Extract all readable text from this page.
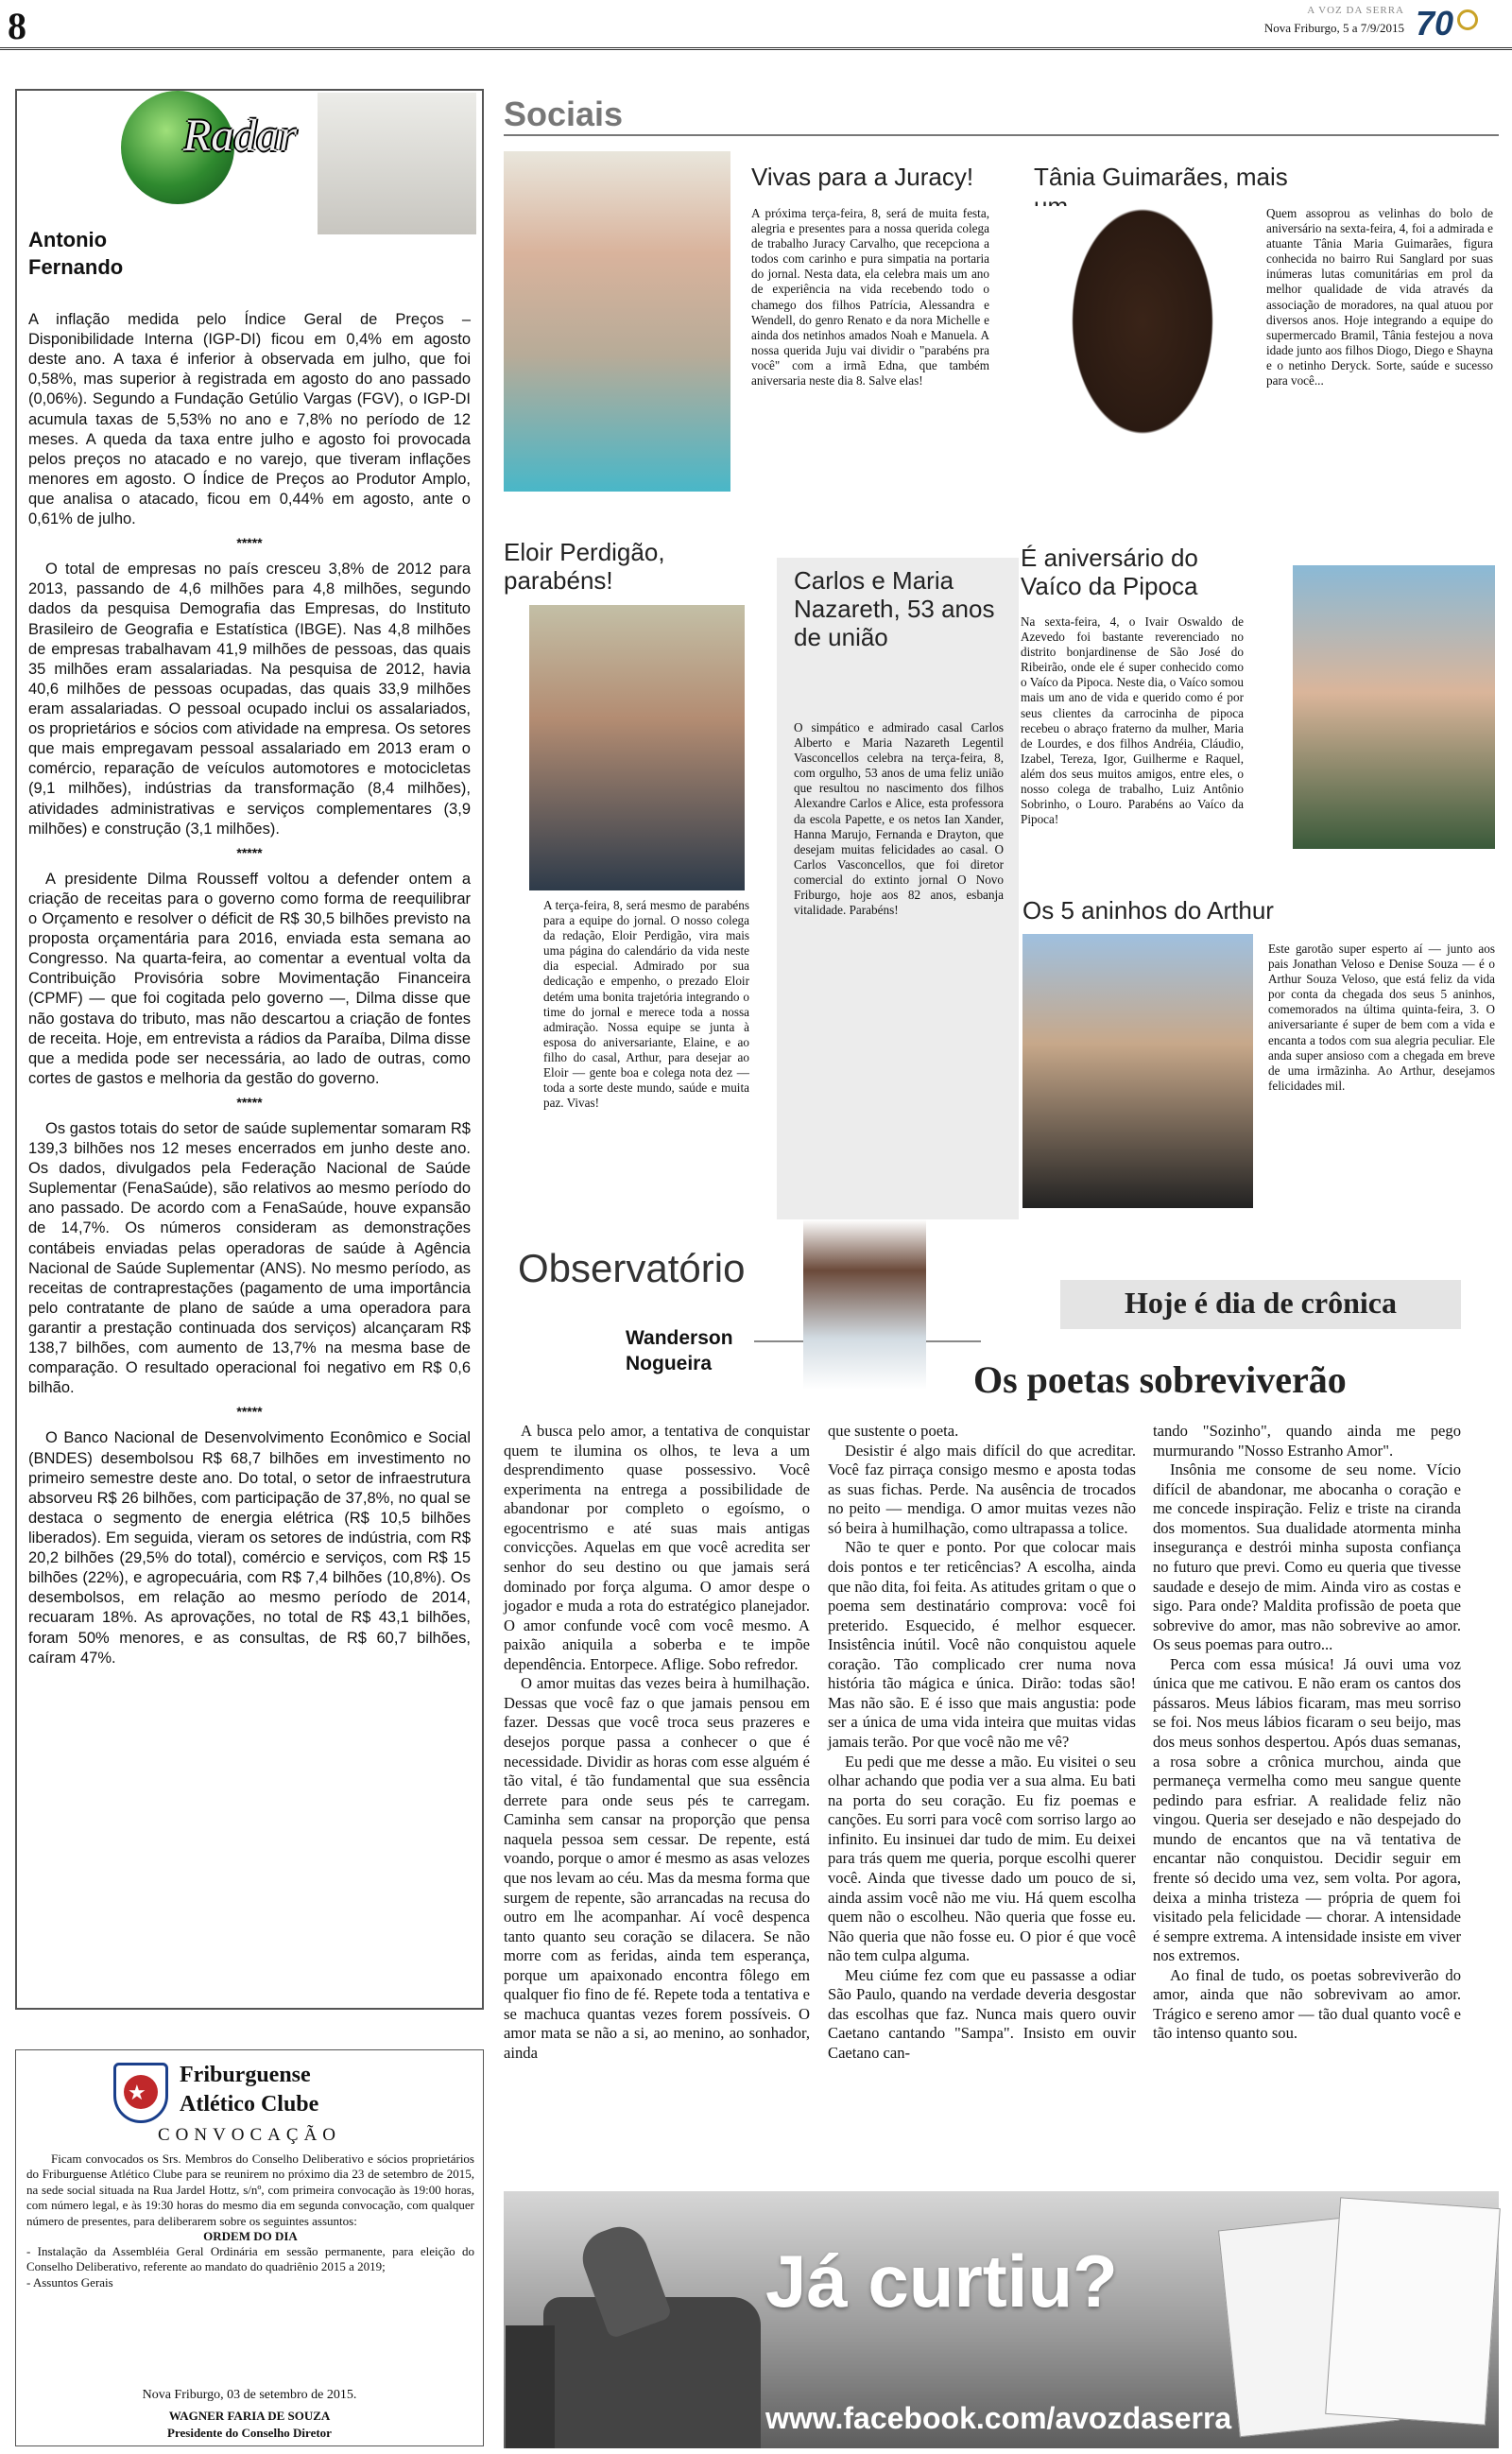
8	A VOZ DA SERRA
Nova Friburgo, 5 a 7/9/2015 70
Radar
Antonio
Fernando

A inflação medida pelo Índice Geral de Preços – Disponibilidade Interna (IGP-DI) ficou em 0,4% em agosto deste ano. A taxa é inferior à observada em julho, que foi 0,58%, mas superior à registrada em agosto do ano passado (0,06%). Segundo a Fundação Getúlio Vargas (FGV), o IGP-DI acumula taxas de 5,53% no ano e 7,8% no período de 12 meses. A queda da taxa entre julho e agosto foi provocada pelos preços no atacado e no varejo, que tiveram inflações menores em agosto. O Índice de Preços ao Produtor Amplo, que analisa o atacado, ficou em 0,44% em agosto, ante o 0,61% de julho.

*****

O total de empresas no país cresceu 3,8% de 2012 para 2013, passando de 4,6 milhões para 4,8 milhões, segundo dados da pesquisa Demografia das Empresas, do Instituto Brasileiro de Geografia e Estatística (IBGE). Nas 4,8 milhões de empresas trabalhavam 41,9 milhões de pessoas, das quais 35 milhões eram assalariadas. Na pesquisa de 2012, havia 40,6 milhões de pessoas ocupadas, das quais 33,9 milhões eram assalariadas. O pessoal ocupado inclui os assalariados, os proprietários e sócios com atividade na empresa. Os setores que mais empregavam pessoal assalariado em 2013 eram o comércio, reparação de veículos automotores e motocicletas (9,1 milhões), indústrias da transformação (8,4 milhões), atividades administrativas e serviços complementares (3,9 milhões) e construção (3,1 milhões).

*****

A presidente Dilma Rousseff voltou a defender ontem a criação de receitas para o governo como forma de reequilibrar o Orçamento e resolver o déficit de R$ 30,5 bilhões previsto na proposta orçamentária para 2016, enviada esta semana ao Congresso. Na quarta-feira, ao comentar a eventual volta da Contribuição Provisória sobre Movimentação Financeira (CPMF) — que foi cogitada pelo governo —, Dilma disse que não gostava do tributo, mas não descartou a criação de fontes de receita. Hoje, em entrevista a rádios da Paraíba, Dilma disse que a medida pode ser necessária, ao lado de outras, como cortes de gastos e melhoria da gestão do governo.

*****

Os gastos totais do setor de saúde suplementar somaram R$ 139,3 bilhões nos 12 meses encerrados em junho deste ano. Os dados, divulgados pela Federação Nacional de Saúde Suplementar (FenaSaúde), são relativos ao mesmo período do ano passado. De acordo com a FenaSaúde, houve expansão de 14,7%. Os números consideram as demonstrações contábeis enviadas pelas operadoras de saúde à Agência Nacional de Saúde Suplementar (ANS). No mesmo período, as receitas de contraprestações (pagamento de uma importância pelo contratante de plano de saúde a uma operadora para garantir a prestação continuada dos serviços) alcançaram R$ 138,7 bilhões, com aumento de 13,7% na mesma base de comparação. O resultado operacional foi negativo em R$ 0,6 bilhão.

*****

O Banco Nacional de Desenvolvimento Econômico e Social (BNDES) desembolsou R$ 68,7 bilhões em investimento no primeiro semestre deste ano. Do total, o setor de infraestrutura absorveu R$ 26 bilhões, com participação de 37,8%, no qual se destaca o segmento de energia elétrica (R$ 10,5 bilhões liberados). Em seguida, vieram os setores de indústria, com R$ 20,2 bilhões (29,5% do total), comércio e serviços, com R$ 15 bilhões (22%), e agropecuária, com R$ 7,4 bilhões (10,8%). Os desembolsos, em relação ao mesmo período de 2014, recuaram 18%. As aprovações, no total de R$ 43,1 bilhões, foram 50% menores, e as consultas, de R$ 60,7 bilhões, caíram 47%.

★
Friburguense
Atlético Clube
CONVOCAÇÃO

Ficam convocados os Srs. Membros do Conselho Deliberativo e sócios proprietários do Friburguense Atlético Clube para se reunirem no próximo dia 23 de setembro de 2015, na sede social situada na Rua Jardel Hottz, s/nº, com primeira convocação às 19:00 horas, com número legal, e às 19:30 horas do mesmo dia em segunda convocação, com qualquer número de presentes, para deliberarem sobre os seguintes assuntos:

ORDEM DO DIA

- Instalação da Assembléia Geral Ordinária em sessão permanente, para eleição do Conselho Deliberativo, referente ao mandato do quadriênio 2015 a 2019;

- Assuntos Gerais

Nova Friburgo, 03 de setembro de 2015.
WAGNER FARIA DE SOUZA
Presidente do Conselho Diretor
Sociais
Vivas para a Juracy!

A próxima terça-feira, 8, será de muita festa, alegria e presentes para a nossa querida colega de trabalho Juracy Carvalho, que recepciona a todos com carinho e pura simpatia na portaria do jornal. Nesta data, ela celebra mais um ano de experiência na vida recebendo todo o chamego dos filhos Patrícia, Alessandra e Wendell, do genro Renato e da nora Michelle e ainda dos netinhos amados Noah e Manuela. A nossa querida Juju vai dividir o "parabéns pra você" com a irmã Edna, que também aniversaria neste dia 8. Salve elas!

Tânia Guimarães, mais

Quem assoprou as velinhas do bolo de aniversário na sexta-feira, 4, foi a admirada e atuante Tânia Maria Guimarães, figura conhecida no bairro Rui Sanglard por suas inúmeras lutas comunitárias em prol da melhor qualidade de vida através da associação de moradores, na qual atuou por diversos anos. Hoje integrando a equipe do supermercado Bramil, Tânia festejou a nova idade junto aos filhos Diogo, Diego e Shayna e o netinho Deryck. Sorte, saúde e sucesso para você...

Eloir Perdigão, parabéns!

A terça-feira, 8, será mesmo de parabéns para a equipe do jornal. O nosso colega da redação, Eloir Perdigão, vira mais uma página do calendário da vida neste dia especial. Admirado por sua dedicação e empenho, o prezado Eloir detém uma bonita trajetória integrando o time do jornal e merece toda a nossa admiração. Nossa equipe se junta à esposa do aniversariante, Elaine, e ao filho do casal, Arthur, para desejar ao Eloir — gente boa e colega nota dez — toda a sorte deste mundo, saúde e muita paz. Vivas!

Carlos e Maria Nazareth, 53 anos de união

O simpático e admirado casal Carlos Alberto e Maria Nazareth Legentil Vasconcellos celebra na terça-feira, 8, com orgulho, 53 anos de uma feliz união que resultou no nascimento dos filhos Alexandre Carlos e Alice, esta professora da escola Papette, e os netos Ian Xander, Hanna Marujo, Fernanda e Drayton, que desejam muitas felicidades ao casal. O Carlos Vasconcellos, que foi diretor comercial do extinto jornal O Novo Friburgo, hoje aos 82 anos, esbanja vitalidade. Parabéns!

É aniversário do Vaíco da Pipoca

Na sexta-feira, 4, o Ivair Oswaldo de Azevedo foi bastante reverenciado no distrito bonjardinense de São José do Ribeirão, onde ele é super conhecido como o Vaíco da Pipoca. Neste dia, o Vaíco somou mais um ano de vida e querido como é por seus clientes da carrocinha de pipoca recebeu o abraço fraterno da mulher, Maria de Lourdes, e dos filhos Andréia, Cláudio, Izabel, Tereza, Igor, Guilherme e Raquel, além dos seus muitos amigos, entre eles, o nosso colega de trabalho, Luiz Antônio Sobrinho, o Louro. Parabéns ao Vaíco da Pipoca!

Os 5 aninhos do Arthur

Este garotão super esperto aí — junto aos pais Jonathan Veloso e Denise Souza — é o Arthur Souza Veloso, que está feliz da vida por conta da chegada dos seus 5 aninhos, comemorados na última quinta-feira, 3. O aniversariante é super de bem com a vida e encanta a todos com sua alegria peculiar. Ele anda super ansioso com a chegada em breve de uma irmãzinha. Ao Arthur, desejamos felicidades mil.

Observatório
Wanderson
Nogueira
Hoje é dia de crônica
Os poetas sobreviverão

A busca pelo amor, a tentativa de conquistar quem te ilumina os olhos, te leva a um desprendimento quase possessivo. Você experimenta na entrega a possibilidade de abandonar por completo o egoísmo, o egocentrismo e até suas mais antigas convicções. Aquelas em que você acredita ser senhor do seu destino ou que jamais será dominado por força alguma. O amor despe o jogador e muda a rota do estratégico planejador. O amor confunde você com você mesmo. A paixão aniquila a soberba e te impõe dependência. Entorpece. Aflige. Sobo refredor.

O amor muitas das vezes beira à humilhação. Dessas que você faz o que jamais pensou em fazer. Dessas que você troca seus prazeres e desejos porque passa a conhecer o que é necessidade. Dividir as horas com esse alguém é tão vital, é tão fundamental que sua essência derrete para onde seus pés te carregam. Caminha sem cansar na proporção que pensa naquela pessoa sem cessar. De repente, está voando, porque o amor é mesmo as asas velozes que nos levam ao céu. Mas da mesma forma que surgem de repente, são arrancadas na recusa do outro em lhe acompanhar. Aí você despenca tanto quanto seu coração se dilacera. Se não morre com as feridas, ainda tem esperança, porque um apaixonado encontra fôlego em qualquer fio fino de fé. Repete toda a tentativa e se machuca quantas vezes forem possíveis. O amor mata se não a si, ao menino, ao sonhador, ainda

que sustente o poeta.

Desistir é algo mais difícil do que acreditar. Você faz pirraça consigo mesmo e aposta todas as suas fichas. Perde. Na ausência de trocados no peito — mendiga. O amor muitas vezes não só beira à humilhação, como ultrapassa a tolice.

Não te quer e ponto. Por que colocar mais dois pontos e ter reticências? A escolha, ainda que não dita, foi feita. As atitudes gritam o que o poema sem destinatário comprova: você foi preterido. Esquecido, é melhor esquecer. Insistência inútil. Você não conquistou aquele coração. Tão complicado crer numa nova história tão mágica e única. Dirão: todas são! Mas não são. E é isso que mais angustia: pode ser a única de uma vida inteira que muitas vidas jamais terão. Por que você não me vê?

Eu pedi que me desse a mão. Eu visitei o seu olhar achando que podia ver a sua alma. Eu bati na porta do seu coração. Eu fiz poemas e canções. Eu sorri para você com sorriso largo ao infinito. Eu insinuei dar tudo de mim. Eu deixei para trás quem me queria, porque escolhi querer você. Ainda que tivesse dado um pouco de si, ainda assim você não me viu. Há quem escolha quem não o escolheu. Não queria que fosse eu. Não queria que não fosse eu. O pior é que você não tem culpa alguma.

Meu ciúme fez com que eu passasse a odiar São Paulo, quando na verdade deveria desgostar das escolhas que faz. Nunca mais quero ouvir Caetano cantando "Sampa". Insisto em ouvir Caetano can-

tando "Sozinho", quando ainda me pego murmurando "Nosso Estranho Amor".

Insônia me consome de seu nome. Vício difícil de abandonar, me abocanha o coração e me concede inspiração. Feliz e triste na ciranda dos momentos. Sua dualidade atormenta minha insegurança e destrói minha suposta confiança no futuro que previ. Como eu queria que tivesse saudade e desejo de mim. Ainda viro as costas e sigo. Para onde? Maldita profissão de poeta que sobrevive do amor, mas não sobrevive ao amor. Os seus poemas para outro...

Perca com essa música! Já ouvi uma voz única que me cativou. E não eram os cantos dos pássaros. Meus lábios ficaram, mas meu sorriso se foi. Nos meus lábios ficaram o seu beijo, mas dos meus sonhos despertou. Após duas semanas, a rosa sobre a crônica murchou, ainda que permaneça vermelha como meu sangue quente pedindo para esfriar. A realidade feliz não vingou. Queria ser desejado e não despejado do mundo de encantos que na vã tentativa de encantar não conquistou. Decidir seguir em frente só decido uma vez, sem volta. Por agora, deixa a minha tristeza — própria de quem foi visitado pela felicidade — chorar. A intensidade é sempre extrema. A intensidade insiste em viver nos extremos.

Ao final de tudo, os poetas sobreviverão do amor, ainda que não sobrevivam ao amor. Trágico e sereno amor — tão dual quanto você e tão intenso quanto sou.

Já curtiu?
www.facebook.com/avozdaserra
